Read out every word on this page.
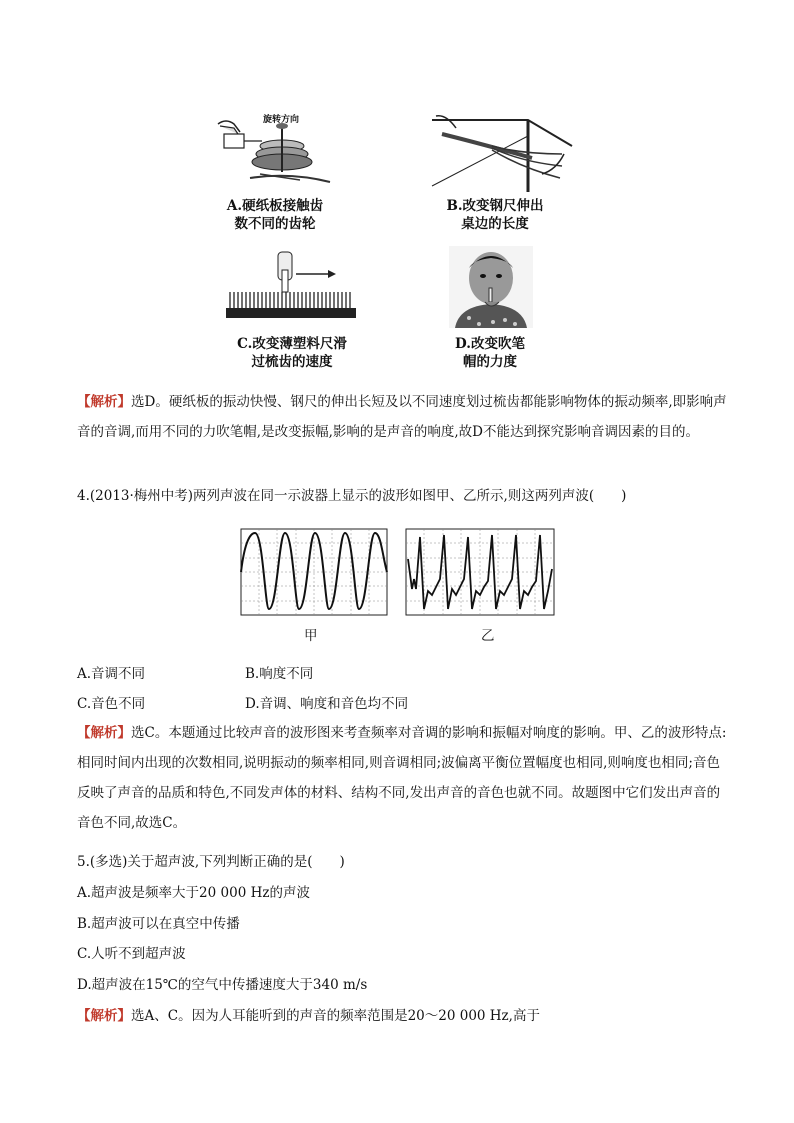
旋转方向
A.硬纸板接触齿
数不同的齿轮
B.改变钢尺伸出
桌边的长度
C.改变薄塑料尺滑
过梳齿的速度
D.改变吹笔
帽的力度
【解析】选D。硬纸板的振动快慢、钢尺的伸出长短及以不同速度划过梳齿都能影响物体的振动频率,即影响声音的音调,而用不同的力吹笔帽,是改变振幅,影响的是声音的响度,故D不能达到探究影响音调因素的目的。
4.(2013·梅州中考)两列声波在同一示波器上显示的波形如图甲、乙所示,则这两列声波(　　)
甲	乙
A.音调不同	B.响度不同
C.音色不同	D.音调、响度和音色均不同
【解析】选C。本题通过比较声音的波形图来考查频率对音调的影响和振幅对响度的影响。甲、乙的波形特点:相同时间内出现的次数相同,说明振动的频率相同,则音调相同;波偏离平衡位置幅度也相同,则响度也相同;音色反映了声音的品质和特色,不同发声体的材料、结构不同,发出声音的音色也就不同。故题图中它们发出声音的音色不同,故选C。
5.(多选)关于超声波,下列判断正确的是(　　)
A.超声波是频率大于20 000 Hz的声波
B.超声波可以在真空中传播
C.人听不到超声波
D.超声波在15℃的空气中传播速度大于340 m/s
【解析】选A、C。因为人耳能听到的声音的频率范围是20～20 000 Hz,高于
